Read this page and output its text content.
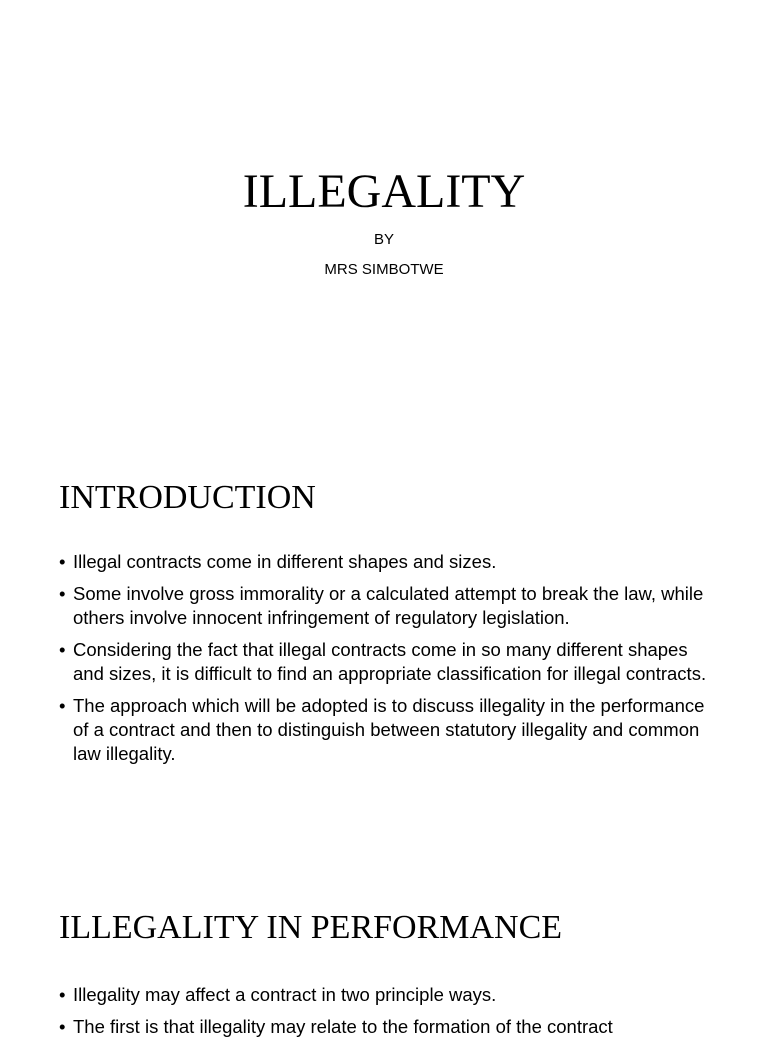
ILLEGALITY

BY

MRS SIMBOTWE

INTRODUCTION
• Illegal contracts come in different shapes and sizes.
• Some involve gross immorality or a calculated attempt to break the law, while others involve innocent infringement of regulatory legislation.
• Considering the fact that illegal contracts come in so many different shapes and sizes, it is difficult to find an appropriate classification for illegal contracts.
• The approach which will be adopted is to discuss illegality in the performance of a contract and then to distinguish between statutory illegality and common law illegality.
ILLEGALITY IN PERFORMANCE
• Illegality may affect a contract in two principle ways.
• The first is that illegality may relate to the formation of the contract
